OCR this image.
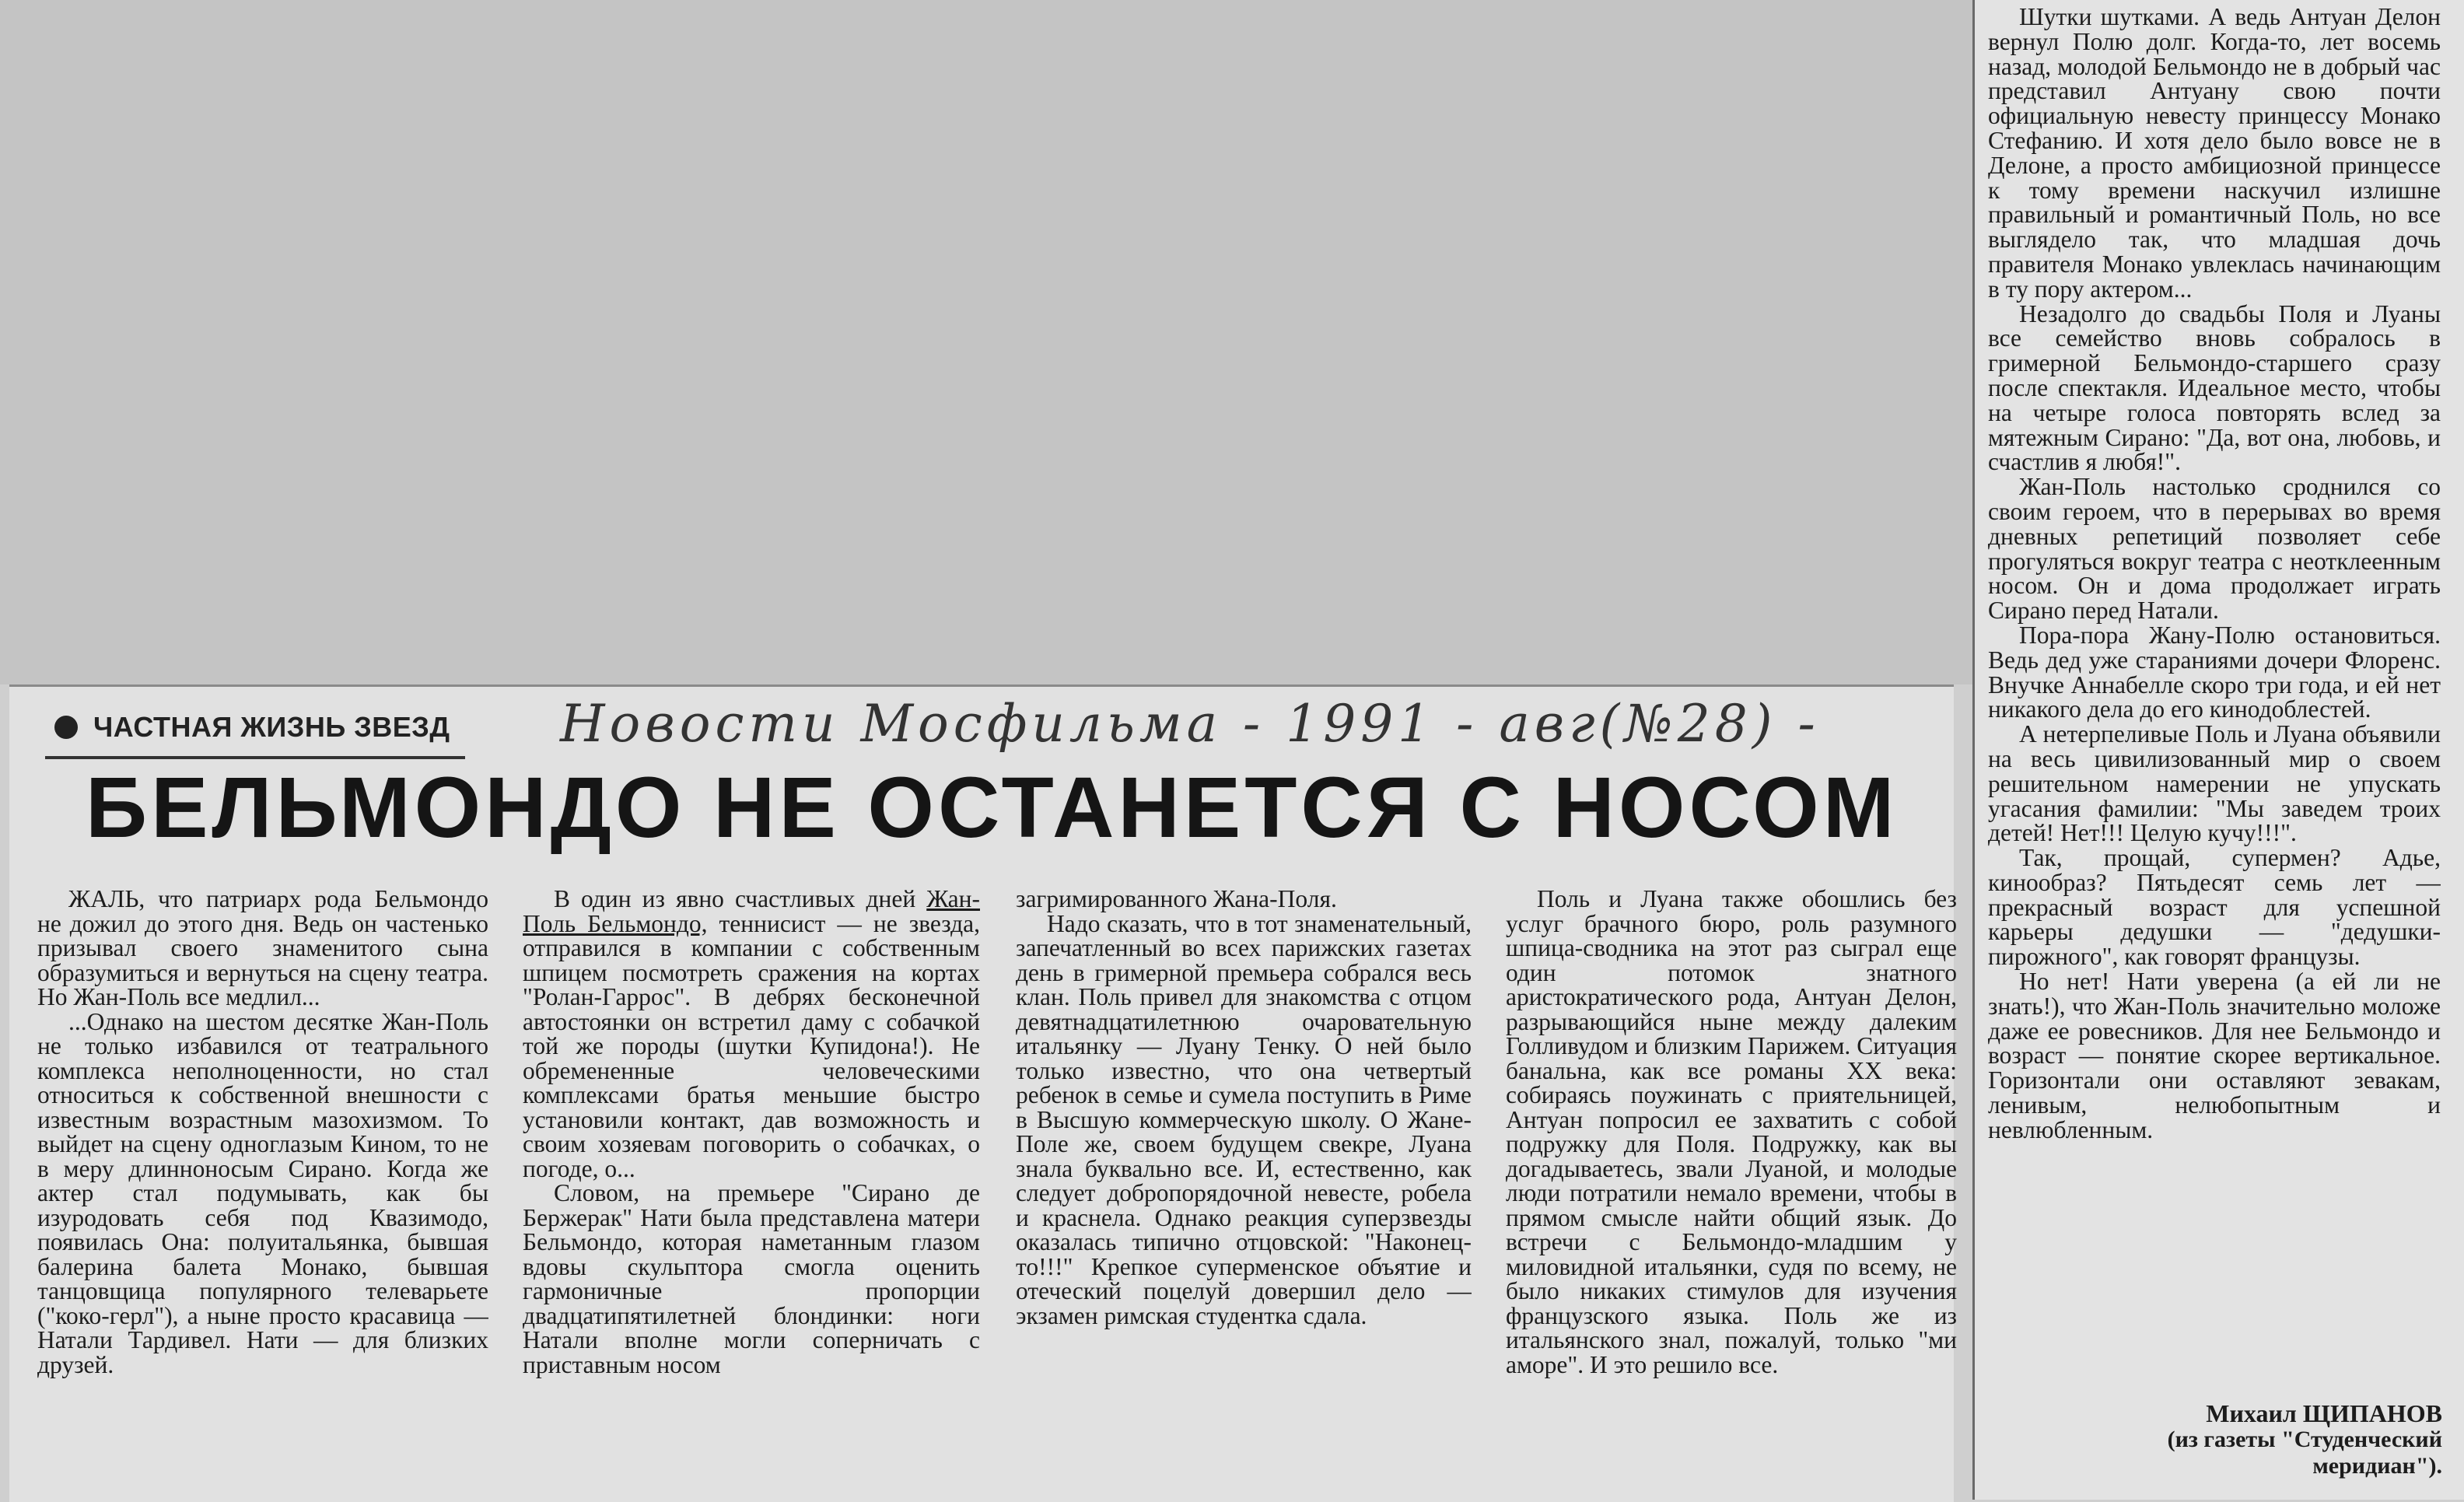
ЧАСТНАЯ ЖИЗНЬ ЗВЕЗД Новости Мосфильма - 1991 - авг(№28) -
БЕЛЬМОНДО НЕ ОСТАНЕТСЯ С НОСОМ

ЖАЛЬ, что патриарх рода Бельмондо не дожил до этого дня. Ведь он частенько призывал своего знаменитого сына образумиться и вернуться на сцену театра. Но Жан-Поль все медлил...

...Однако на шестом десятке Жан-Поль не только избавился от театрального комплекса неполноценности, но стал относиться к собственной внешности с известным возрастным мазохизмом. То выйдет на сцену одноглазым Кином, то не в меру длинноносым Сирано. Когда же актер стал подумывать, как бы изуродовать себя под Квазимодо, появилась Она: полуитальянка, бывшая балерина балета Монако, бывшая танцовщица популярного телеварьете ("коко-герл"), а ныне просто красавица — Натали Тардивел. Нати — для близких друзей.

В один из явно счастливых дней Жан-Поль Бельмондо, теннисист — не звезда, отправился в компании с собственным шпицем посмотреть сражения на кортах "Ролан-Гаррос". В дебрях бесконечной автостоянки он встретил даму с собачкой той же породы (шутки Купидона!). Не обремененные человеческими комплексами братья меньшие быстро установили контакт, дав возможность и своим хозяевам поговорить о собачках, о погоде, о...

Словом, на премьере "Сирано де Бержерак" Нати была представлена матери Бельмондо, которая наметанным глазом вдовы скульптора смогла оценить гармоничные пропорции двадцатипятилетней блондинки: ноги Натали вполне могли соперничать с приставным носом

загримированного Жана-Поля.

Надо сказать, что в тот знаменательный, запечатленный во всех парижских газетах день в гримерной премьера собрался весь клан. Поль привел для знакомства с отцом девятнадцатилетнюю очаровательную итальянку — Луану Тенку. О ней было только известно, что она четвертый ребенок в семье и сумела поступить в Риме в Высшую коммерческую школу. О Жане-Поле же, своем будущем свекре, Луана знала буквально все. И, естественно, как следует добропорядочной невесте, робела и краснела. Однако реакция суперзвезды оказалась типично отцовской: "Наконец-то!!!" Крепкое суперменское объятие и отеческий поцелуй довершил дело — экзамен римская студентка сдала.

Поль и Луана также обошлись без услуг брачного бюро, роль разумного шпица-сводника на этот раз сыграл еще один потомок знатного аристократического рода, Антуан Делон, разрывающийся ныне между далеким Голливудом и близким Парижем. Ситуация банальна, как все романы XX века: собираясь поужинать с приятельницей, Антуан попросил ее захватить с собой подружку для Поля. Подружку, как вы догадываетесь, звали Луаной, и молодые люди потратили немало времени, чтобы в прямом смысле найти общий язык. До встречи с Бельмондо-младшим у миловидной итальянки, судя по всему, не было никаких стимулов для изучения французского языка. Поль же из итальянского знал, пожалуй, только "ми аморе". И это решило все.

Шутки шутками. А ведь Антуан Делон вернул Полю долг. Когда-то, лет восемь назад, молодой Бельмондо не в добрый час представил Антуану свою почти официальную невесту принцессу Монако Стефанию. И хотя дело было вовсе не в Делоне, а просто амбициозной принцессе к тому времени наскучил излишне правильный и романтичный Поль, но все выглядело так, что младшая дочь правителя Монако увлеклась начинающим в ту пору актером...

Незадолго до свадьбы Поля и Луаны все семейство вновь собралось в гримерной Бельмондо-старшего сразу после спектакля. Идеальное место, чтобы на четыре голоса повторять вслед за мятежным Сирано: "Да, вот она, любовь, и счастлив я любя!".

Жан-Поль настолько сроднился со своим героем, что в перерывах во время дневных репетиций позволяет себе прогуляться вокруг театра с неотклеенным носом. Он и дома продолжает играть Сирано перед Натали.

Пора-пора Жану-Полю остановиться. Ведь дед уже стараниями дочери Флоренс. Внучке Аннабелле скоро три года, и ей нет никакого дела до его кинодоблестей.

А нетерпеливые Поль и Луана объявили на весь цивилизованный мир о своем решительном намерении не упускать угасания фамилии: "Мы заведем троих детей! Нет!!! Целую кучу!!!".

Так, прощай, супермен? Адье, кинообраз? Пятьдесят семь лет — прекрасный возраст для успешной карьеры дедушки — "дедушки-пирожного", как говорят французы.

Но нет! Нати уверена (а ей ли не знать!), что Жан-Поль значительно моложе даже ее ровесников. Для нее Бельмондо и возраст — понятие скорее вертикальное. Горизонтали они оставляют зевакам, ленивым, нелюбопытным и невлюбленным.

Михаил ЩИПАНОВ
(из газеты "Студенческий меридиан").
